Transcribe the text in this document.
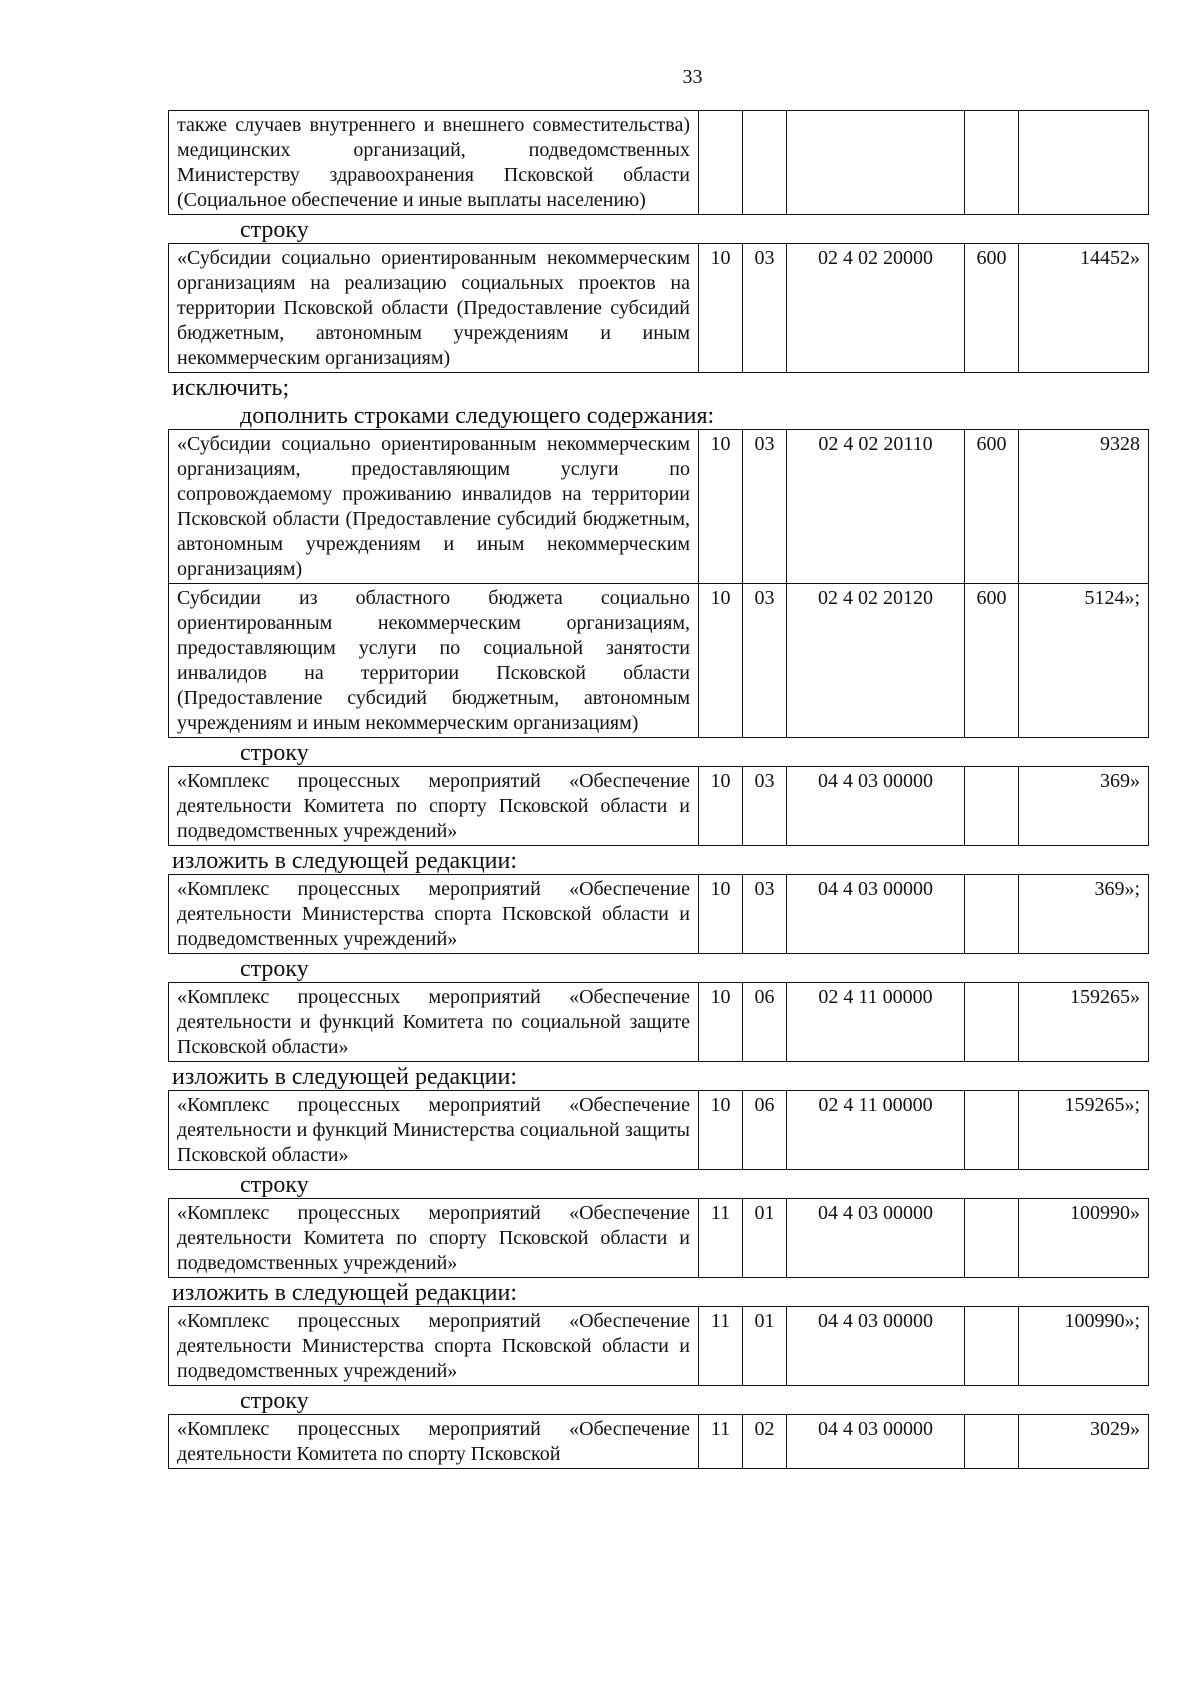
33
также случаев внутреннего и внешнего совместительства) медицинских организаций, подведомственных Министерству здравоохранения Псковской области (Социальное обеспечение и иные выплаты населению)					
строку
«Субсидии социально ориентированным некоммерческим организациям на реализацию социальных проектов на территории Псковской области (Предоставление субсидий бюджетным, автономным учреждениям и иным некоммерческим организациям)	10	03	02 4 02 20000	600	14452»
исключить;
дополнить строками следующего содержания:
«Субсидии социально ориентированным некоммерческим организациям, предоставляющим услуги по сопровождаемому проживанию инвалидов на территории Псковской области (Предоставление субсидий бюджетным, автономным учреждениям и иным некоммерческим организациям)	10	03	02 4 02 20110	600	9328
Субсидии из областного бюджета социально ориентированным некоммерческим организациям, предоставляющим услуги по социальной занятости инвалидов на территории Псковской области (Предоставление субсидий бюджетным, автономным учреждениям и иным некоммерческим организациям)	10	03	02 4 02 20120	600	5124»;
строку
«Комплекс процессных мероприятий «Обеспечение деятельности Комитета по спорту Псковской области и подведомственных учреждений»	10	03	04 4 03 00000		369»
изложить в следующей редакции:
«Комплекс процессных мероприятий «Обеспечение деятельности Министерства спорта Псковской области и подведомственных учреждений»	10	03	04 4 03 00000		369»;
строку
«Комплекс процессных мероприятий «Обеспечение деятельности и функций Комитета по социальной защите Псковской области»	10	06	02 4 11 00000		159265»
изложить в следующей редакции:
«Комплекс процессных мероприятий «Обеспечение деятельности и функций Министерства социальной защиты Псковской области»	10	06	02 4 11 00000		159265»;
строку
«Комплекс процессных мероприятий «Обеспечение деятельности Комитета по спорту Псковской области и подведомственных учреждений»	11	01	04 4 03 00000		100990»
изложить в следующей редакции:
«Комплекс процессных мероприятий «Обеспечение деятельности Министерства спорта Псковской области и подведомственных учреждений»	11	01	04 4 03 00000		100990»;
строку
«Комплекс процессных мероприятий «Обеспечение деятельности Комитета по спорту Псковской	11	02	04 4 03 00000		3029»
